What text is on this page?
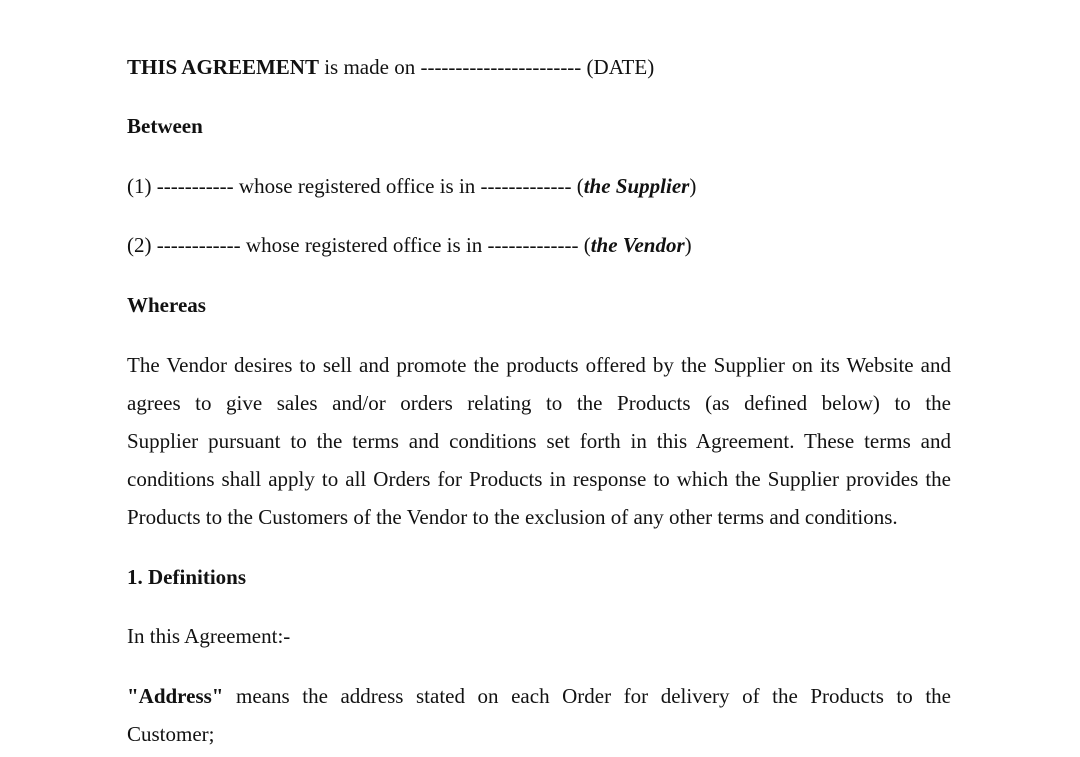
THIS AGREEMENT is made on ----------------------- (DATE)
Between
(1) ----------- whose registered office is in ------------- (the Supplier)
(2) ------------ whose registered office is in ------------- (the Vendor)
Whereas
The Vendor desires to sell and promote the products offered by the Supplier on its Website and
agrees to give sales and/or orders relating to the Products (as defined below) to the
Supplier pursuant to the terms and conditions set forth in this Agreement. These terms and
conditions shall apply to all Orders for Products in response to which the Supplier provides the
Products to the Customers of the Vendor to the exclusion of any other terms and conditions.
1. Definitions
In this Agreement:-
"Address" means the address stated on each Order for delivery of the Products to the
Customer;
